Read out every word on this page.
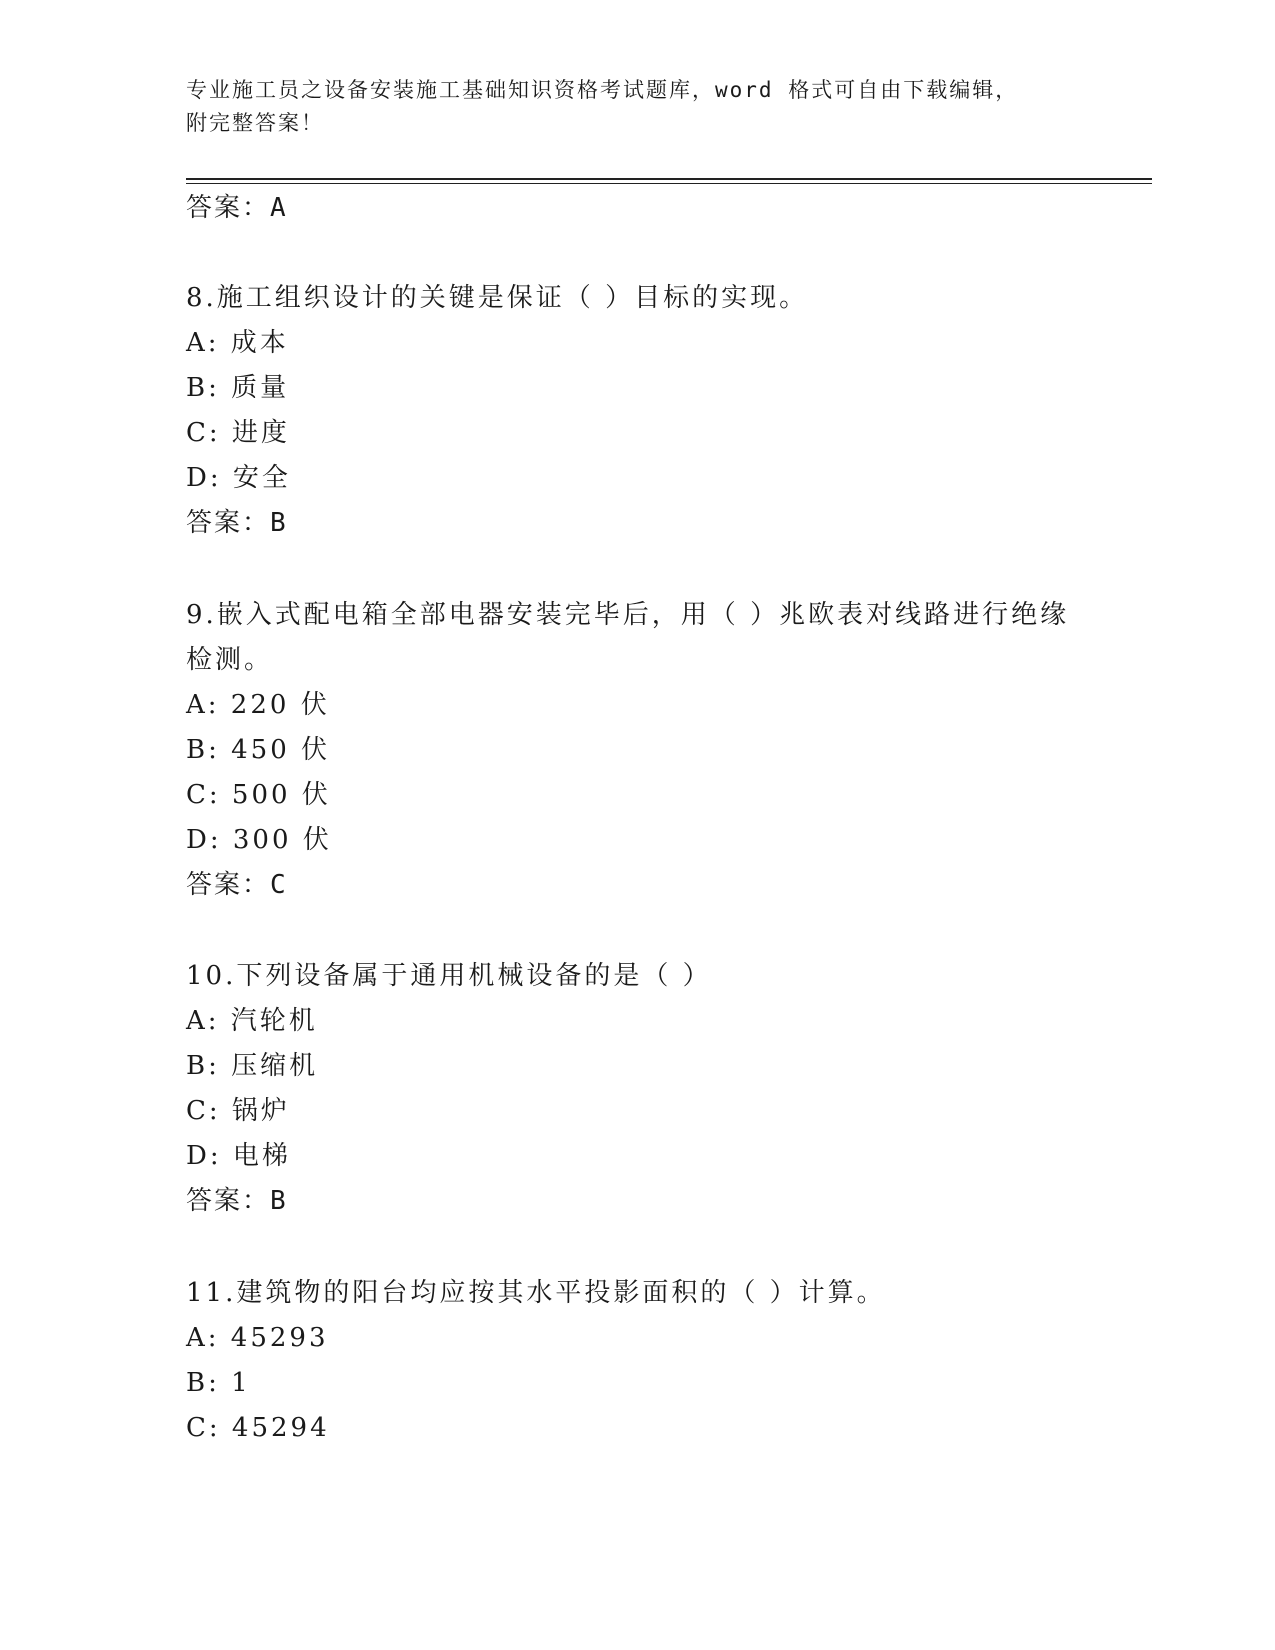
专业施工员之设备安装施工基础知识资格考试题库，word 格式可自由下载编辑，
附完整答案！
答案：A
8.施工组织设计的关键是保证（ ）目标的实现。
A: 成本
B: 质量
C: 进度
D: 安全
答案：B
9.嵌入式配电箱全部电器安装完毕后，用（ ）兆欧表对线路进行绝缘
检测。
A: 220 伏
B: 450 伏
C: 500 伏
D: 300 伏
答案：C
10.下列设备属于通用机械设备的是（ ）
A: 汽轮机
B: 压缩机
C: 锅炉
D: 电梯
答案：B
11.建筑物的阳台均应按其水平投影面积的（ ）计算。
A: 45293
B: 1
C: 45294
